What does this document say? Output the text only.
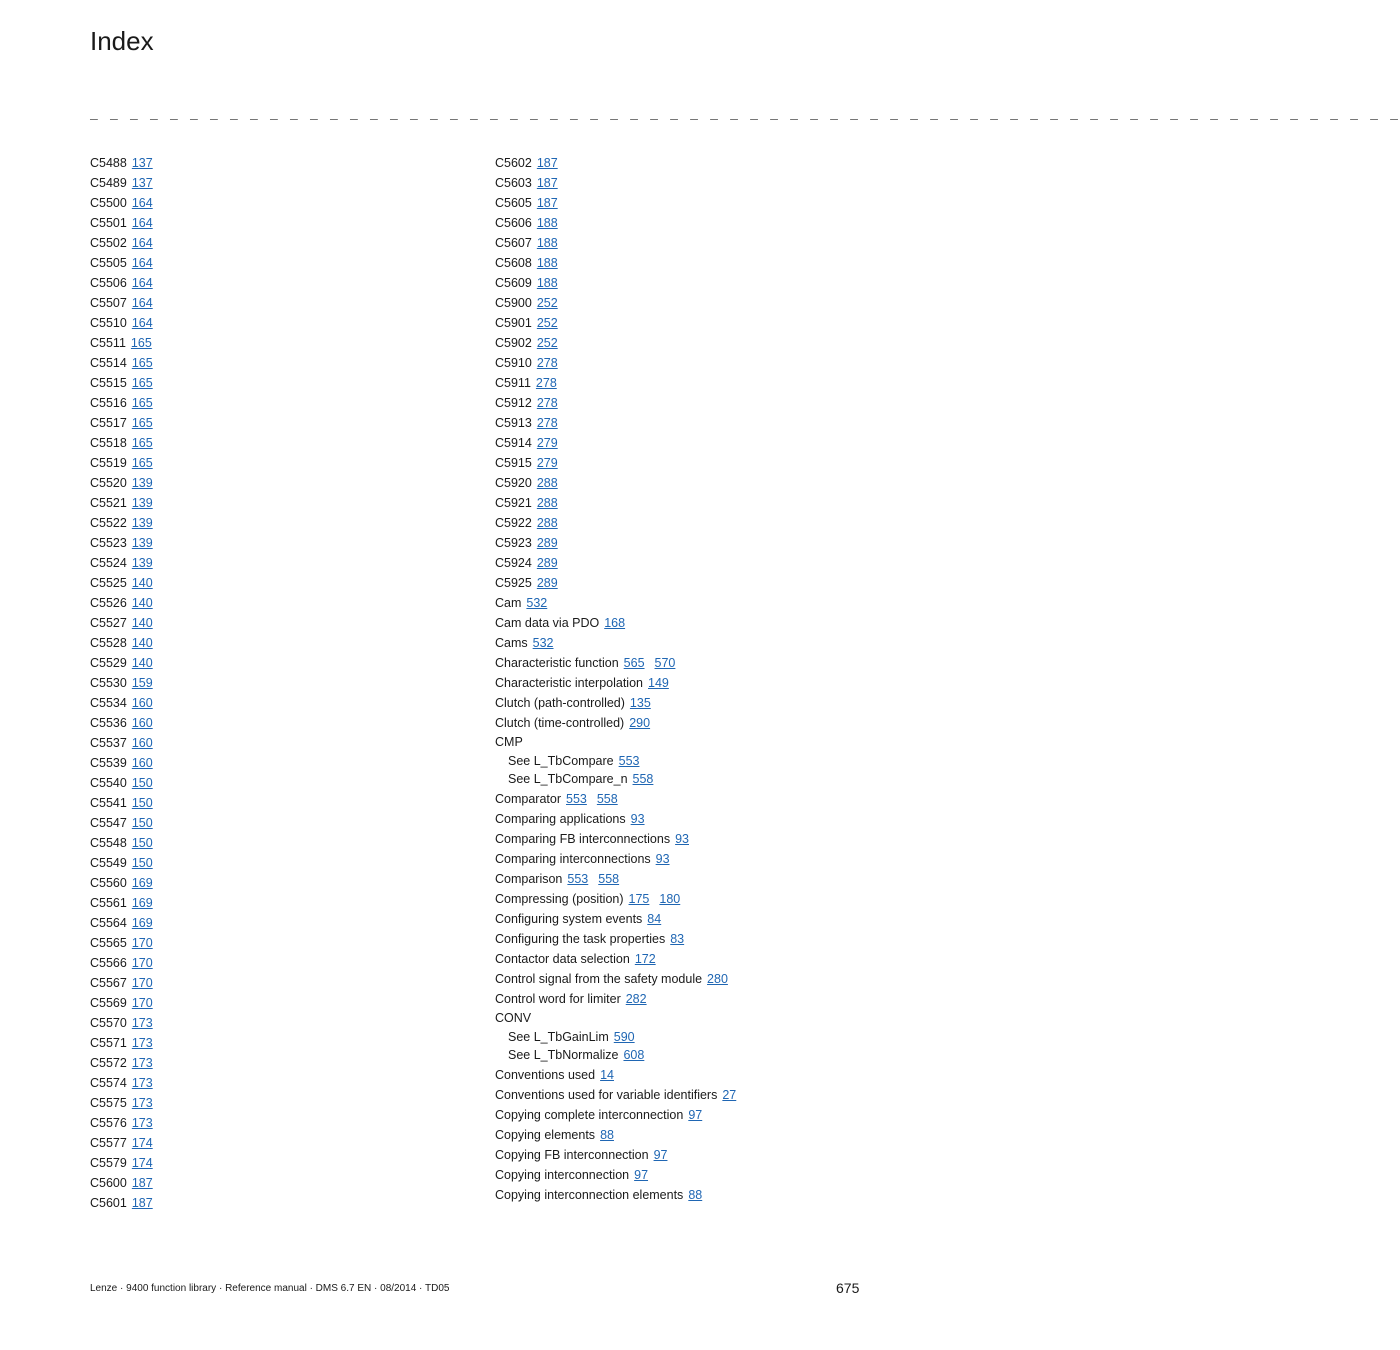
Index
_ _ _ _ _ _ _ _ _ _ _ _ _ _ _ _ _ _ _ _ _ _ _ _ _ _ _ _ _ _ _ _ _ _ _ _ _ _ _ _ _ _ _ _ _ _ _ _ _ _ _ _ _ _ _ _ _ _ _ _ _ _ _ _ _ _
C5488 137
C5489 137
C5500 164
C5501 164
C5502 164
C5505 164
C5506 164
C5507 164
C5510 164
C5511 165
C5514 165
C5515 165
C5516 165
C5517 165
C5518 165
C5519 165
C5520 139
C5521 139
C5522 139
C5523 139
C5524 139
C5525 140
C5526 140
C5527 140
C5528 140
C5529 140
C5530 159
C5534 160
C5536 160
C5537 160
C5539 160
C5540 150
C5541 150
C5547 150
C5548 150
C5549 150
C5560 169
C5561 169
C5564 169
C5565 170
C5566 170
C5567 170
C5569 170
C5570 173
C5571 173
C5572 173
C5574 173
C5575 173
C5576 173
C5577 174
C5579 174
C5600 187
C5601 187
C5602 187
C5603 187
C5605 187
C5606 188
C5607 188
C5608 188
C5609 188
C5900 252
C5901 252
C5902 252
C5910 278
C5911 278
C5912 278
C5913 278
C5914 279
C5915 279
C5920 288
C5921 288
C5922 288
C5923 289
C5924 289
C5925 289
Cam 532
Cam data via PDO 168
Cams 532
Characteristic function 565 570
Characteristic interpolation 149
Clutch (path-controlled) 135
Clutch (time-controlled) 290
CMP
See L_TbCompare 553
See L_TbCompare_n 558
Comparator 553 558
Comparing applications 93
Comparing FB interconnections 93
Comparing interconnections 93
Comparison 553 558
Compressing (position) 175 180
Configuring system events 84
Configuring the task properties 83
Contactor data selection 172
Control signal from the safety module 280
Control word for limiter 282
CONV
See L_TbGainLim 590
See L_TbNormalize 608
Conventions used 14
Conventions used for variable identifiers 27
Copying complete interconnection 97
Copying elements 88
Copying FB interconnection 97
Copying interconnection 97
Copying interconnection elements 88
Lenze · 9400 function library · Reference manual · DMS 6.7 EN · 08/2014 · TD05	675
